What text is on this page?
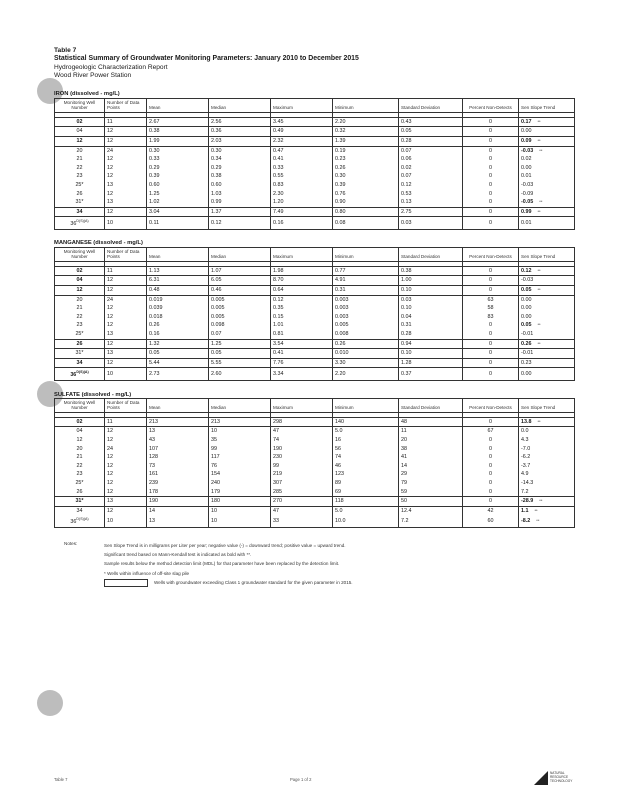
Table 7
Statistical Summary of Groundwater Monitoring Parameters: January 2010 to December 2015
Hydrogeologic Characterization Report
Wood River Power Station
IRON (dissolved - mg/L)
Monitoring Well Number	Number of Data Points	Mean	Median	Maximum	Minimum	Standard Deviation	Percent Non-Detects	Sen Slope Trend

02	11	2.67	2.56	3.45	2.20	0.43	0	0.17 **
04	12	0.38	0.36	0.49	0.32	0.05	0	0.00
12	12	1.99	2.03	2.32	1.39	0.28	0	0.09 **
20	24	0.30	0.30	0.47	0.19	0.07	0	-0.03 **
21	12	0.33	0.34	0.41	0.23	0.06	0	0.02
22	12	0.29	0.29	0.33	0.26	0.02	0	0.00
23	12	0.39	0.38	0.55	0.30	0.07	0	0.01
25*	13	0.60	0.60	0.83	0.39	0.12	0	-0.03
26	12	1.25	1.03	2.30	0.76	0.53	0	-0.09
31*	13	1.02	0.99	1.20	0.90	0.13	0	-0.05 **
34	12	3.04	1.37	7.49	0.80	2.75	0	0.99 **
$36^{D(S)(A)}$	10	0.11	0.12	0.16	0.08	0.03	0	0.01
MANGANESE (dissolved - mg/L)
Monitoring Well Number	Number of Data Points	Mean	Median	Maximum	Minimum	Standard Deviation	Percent Non-Detects	Sen Slope Trend

02	11	1.13	1.07	1.98	0.77	0.38	0	0.12 **
04	12	6.31	6.05	8.70	4.91	1.00	0	-0.03
12	12	0.48	0.46	0.64	0.31	0.10	0	0.05 **
20	24	0.019	0.005	0.12	0.003	0.03	63	0.00
21	12	0.039	0.005	0.35	0.003	0.10	58	0.00
22	12	0.018	0.005	0.15	0.003	0.04	83	0.00
23	12	0.26	0.098	1.01	0.005	0.31	0	0.05 **
25*	13	0.16	0.07	0.81	0.008	0.28	0	-0.01
26	12	1.32	1.25	3.54	0.26	0.94	0	0.26 **
31*	13	0.05	0.05	0.41	0.010	0.10	0	-0.01
34	12	5.44	5.55	7.76	3.30	1.28	0	0.23
$36^{D(S)(A)}$	10	2.73	2.60	3.34	2.20	0.37	0	0.00
SULFATE (dissolved - mg/L)
Monitoring Well Number	Number of Data Points	Mean	Median	Maximum	Minimum	Standard Deviation	Percent Non-Detects	Sen Slope Trend

02	11	213	213	298	140	48	0	13.8 **
04	12	13	10	47	5.0	11	67	0.0
12	12	43	35	74	16	20	0	4.3
20	24	107	99	190	56	38	0	-7.0
21	12	128	117	230	74	41	0	-6.2
22	12	73	76	99	46	14	0	-3.7
23	12	161	154	219	123	29	0	4.9
25*	12	239	240	307	89	79	0	-14.3
26	12	178	179	285	69	59	0	7.2
31*	13	190	180	270	118	50	0	-28.9 **
34	12	14	10	47	5.0	12.4	42	1.1 **
$36^{D(S)(A)}$	10	13	10	33	10.0	7.2	60	-8.2 **
Notes:	Sen Slope Trend is in milligrams per Liter per year; negative value (-) = downward trend; positive value = upward trend.
Significant trend based on Mann-Kendall test is indicated as bold with **.
Sample results below the method detection limit (MDL) for that parameter have been replaced by the detection limit.
* Wells within influence of off-site slag pile
Wells with groundwater exceeding Class 1 groundwater standard for the given parameter in 2015.
Table 7	Page 1 of 2
NATURAL
RESOURCE
TECHNOLOGY
